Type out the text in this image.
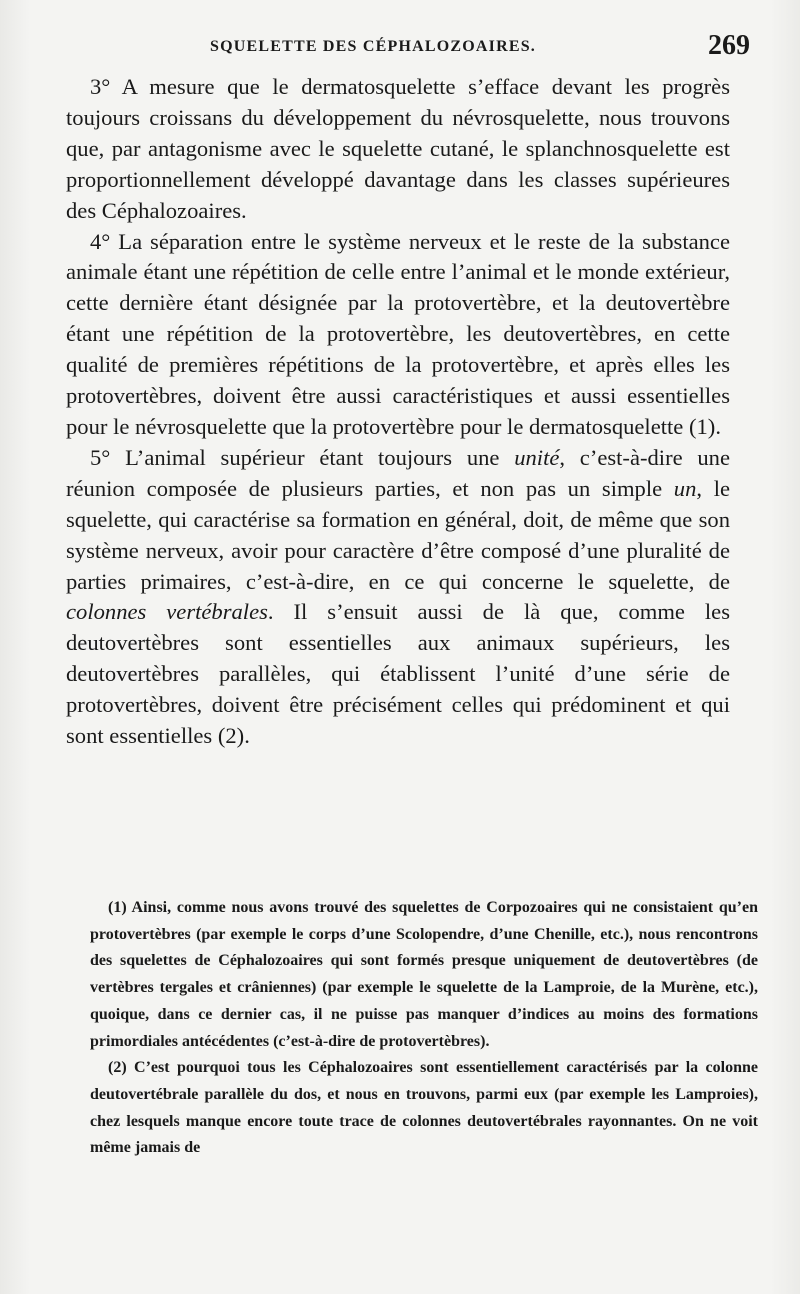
SQUELETTE DES CÉPHALOZOAIRES.	269

3° A mesure que le dermatosquelette s’efface devant les progrès toujours croissans du développement du névrosquelette, nous trouvons que, par antagonisme avec le squelette cutané, le splanchnosquelette est proportionnellement développé davantage dans les classes supérieures des Céphalozoaires.

4° La séparation entre le système nerveux et le reste de la substance animale étant une répétition de celle entre l’animal et le monde extérieur, cette dernière étant désignée par la protovertèbre, et la deutovertèbre étant une répétition de la protovertèbre, les deutovertèbres, en cette qualité de premières répétitions de la protovertèbre, et après elles les protovertèbres, doivent être aussi caractéristiques et aussi essentielles pour le névrosquelette que la protovertèbre pour le dermatosquelette (1).

5° L’animal supérieur étant toujours une unité, c’est-à-dire une réunion composée de plusieurs parties, et non pas un simple un, le squelette, qui caractérise sa formation en général, doit, de même que son système nerveux, avoir pour caractère d’être composé d’une pluralité de parties primaires, c’est-à-dire, en ce qui concerne le squelette, de colonnes vertébrales. Il s’ensuit aussi de là que, comme les deutovertèbres sont essentielles aux animaux supérieurs, les deutovertèbres parallèles, qui établissent l’unité d’une série de protovertèbres, doivent être précisément celles qui prédominent et qui sont essentielles (2).

(1) Ainsi, comme nous avons trouvé des squelettes de Corpozoaires qui ne consistaient qu’en protovertèbres (par exemple le corps d’une Scolopendre, d’une Chenille, etc.), nous rencontrons des squelettes de Céphalozoaires qui sont formés presque uniquement de deutovertèbres (de vertèbres tergales et crâniennes) (par exemple le squelette de la Lamproie, de la Murène, etc.), quoique, dans ce dernier cas, il ne puisse pas manquer d’indices au moins des formations primordiales antécédentes (c’est-à-dire de protovertèbres).

(2) C’est pourquoi tous les Céphalozoaires sont essentiellement caractérisés par la colonne deutovertébrale parallèle du dos, et nous en trouvons, parmi eux (par exemple les Lamproies), chez lesquels manque encore toute trace de colonnes deutovertébrales rayonnantes. On ne voit même jamais de
